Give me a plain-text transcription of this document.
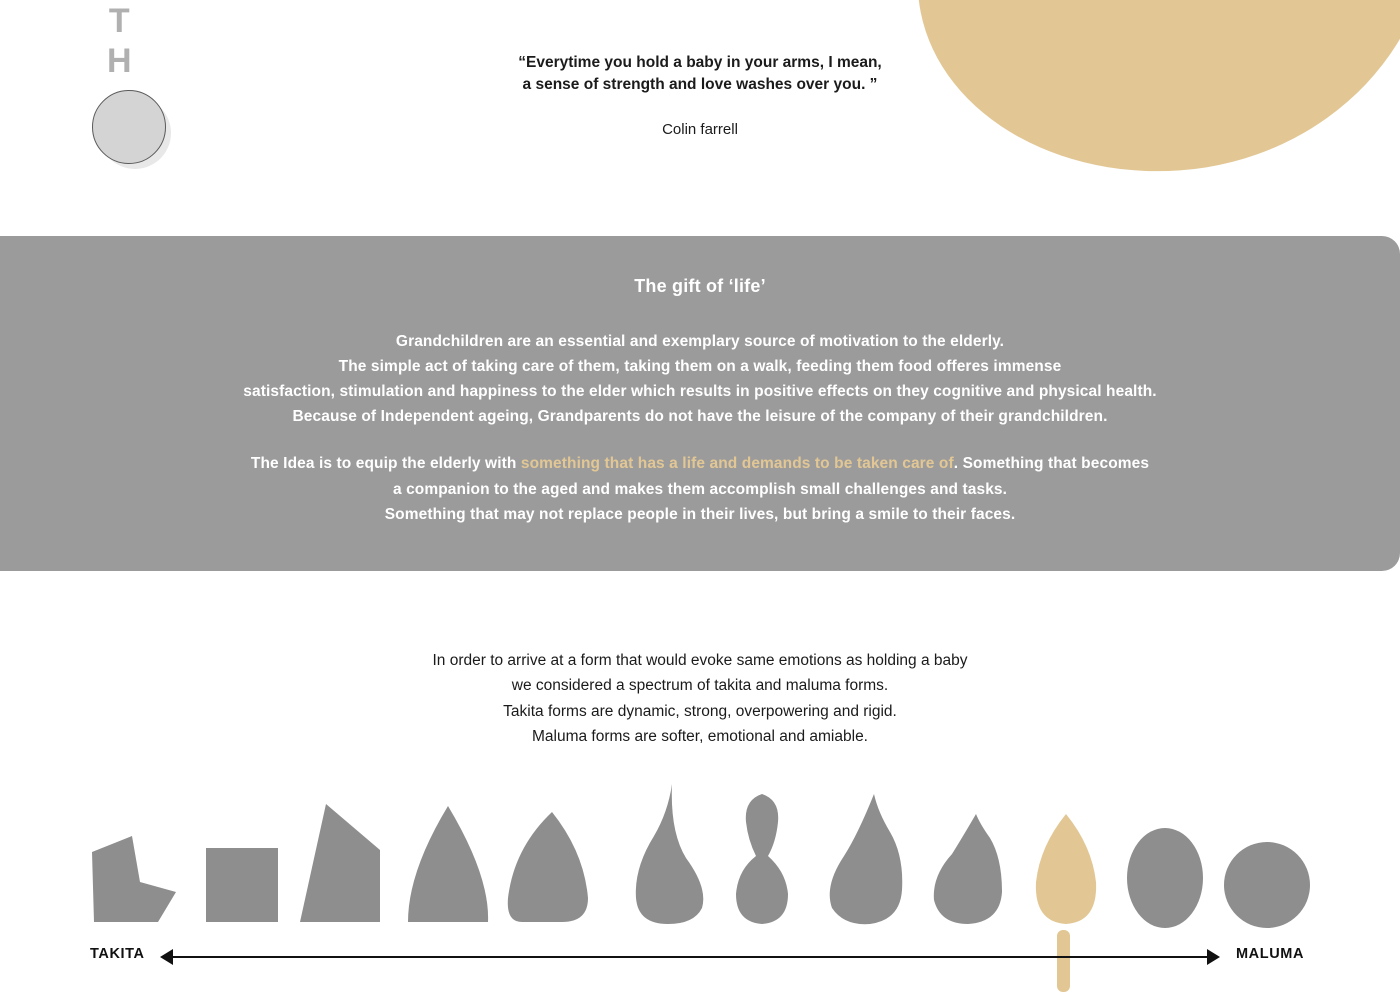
TH	“Everytime you hold a baby in your arms, I mean,
a sense of strength and love washes over you. ”
Colin farrell
The gift of ‘life’
Grandchildren are an essential and exemplary source of motivation to the elderly.
The simple act of taking care of them, taking them on a walk, feeding them food offeres immense
satisfaction, stimulation and happiness to the elder which results in positive effects on they cognitive and physical health.
Because of Independent ageing, Grandparents do not have the leisure of the company of their grandchildren.
The Idea is to equip the elderly with something that has a life and demands to be taken care of. Something that becomes
a companion to the aged and makes them accomplish small challenges and tasks.
Something that may not replace people in their lives, but bring a smile to their faces.
In order to arrive at a form that would evoke same emotions as holding a baby
we considered a spectrum of takita and maluma forms.
Takita forms are dynamic, strong, overpowering and rigid.
Maluma forms are softer, emotional and amiable.
TAKITA	MALUMA
